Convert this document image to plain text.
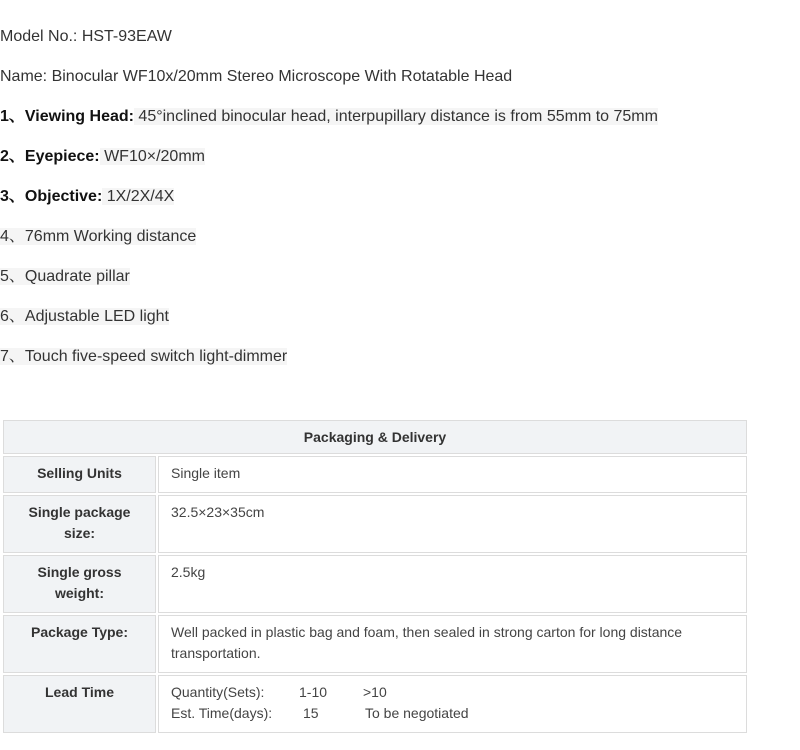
Model No.: HST-93EAW
Name: Binocular WF10x/20mm Stereo Microscope With Rotatable Head
1、Viewing Head: 45°inclined binocular head, interpupillary distance is from 55mm to 75mm
2、Eyepiece: WF10×/20mm
3、Objective: 1X/2X/4X
4、76mm Working distance
5、Quadrate pillar
6、Adjustable LED light
7、Touch five-speed switch light-dimmer
Packaging & Delivery	
Selling Units	Single item
Single package size:	32.5×23×35cm
Single gross weight:	2.5kg
Package Type:	Well packed in plastic bag and foam, then sealed in strong carton for long distance transportation.
Lead Time	Quantity(Sets): 1-10 >10
Est. Time(days): 15 To be negotiated
